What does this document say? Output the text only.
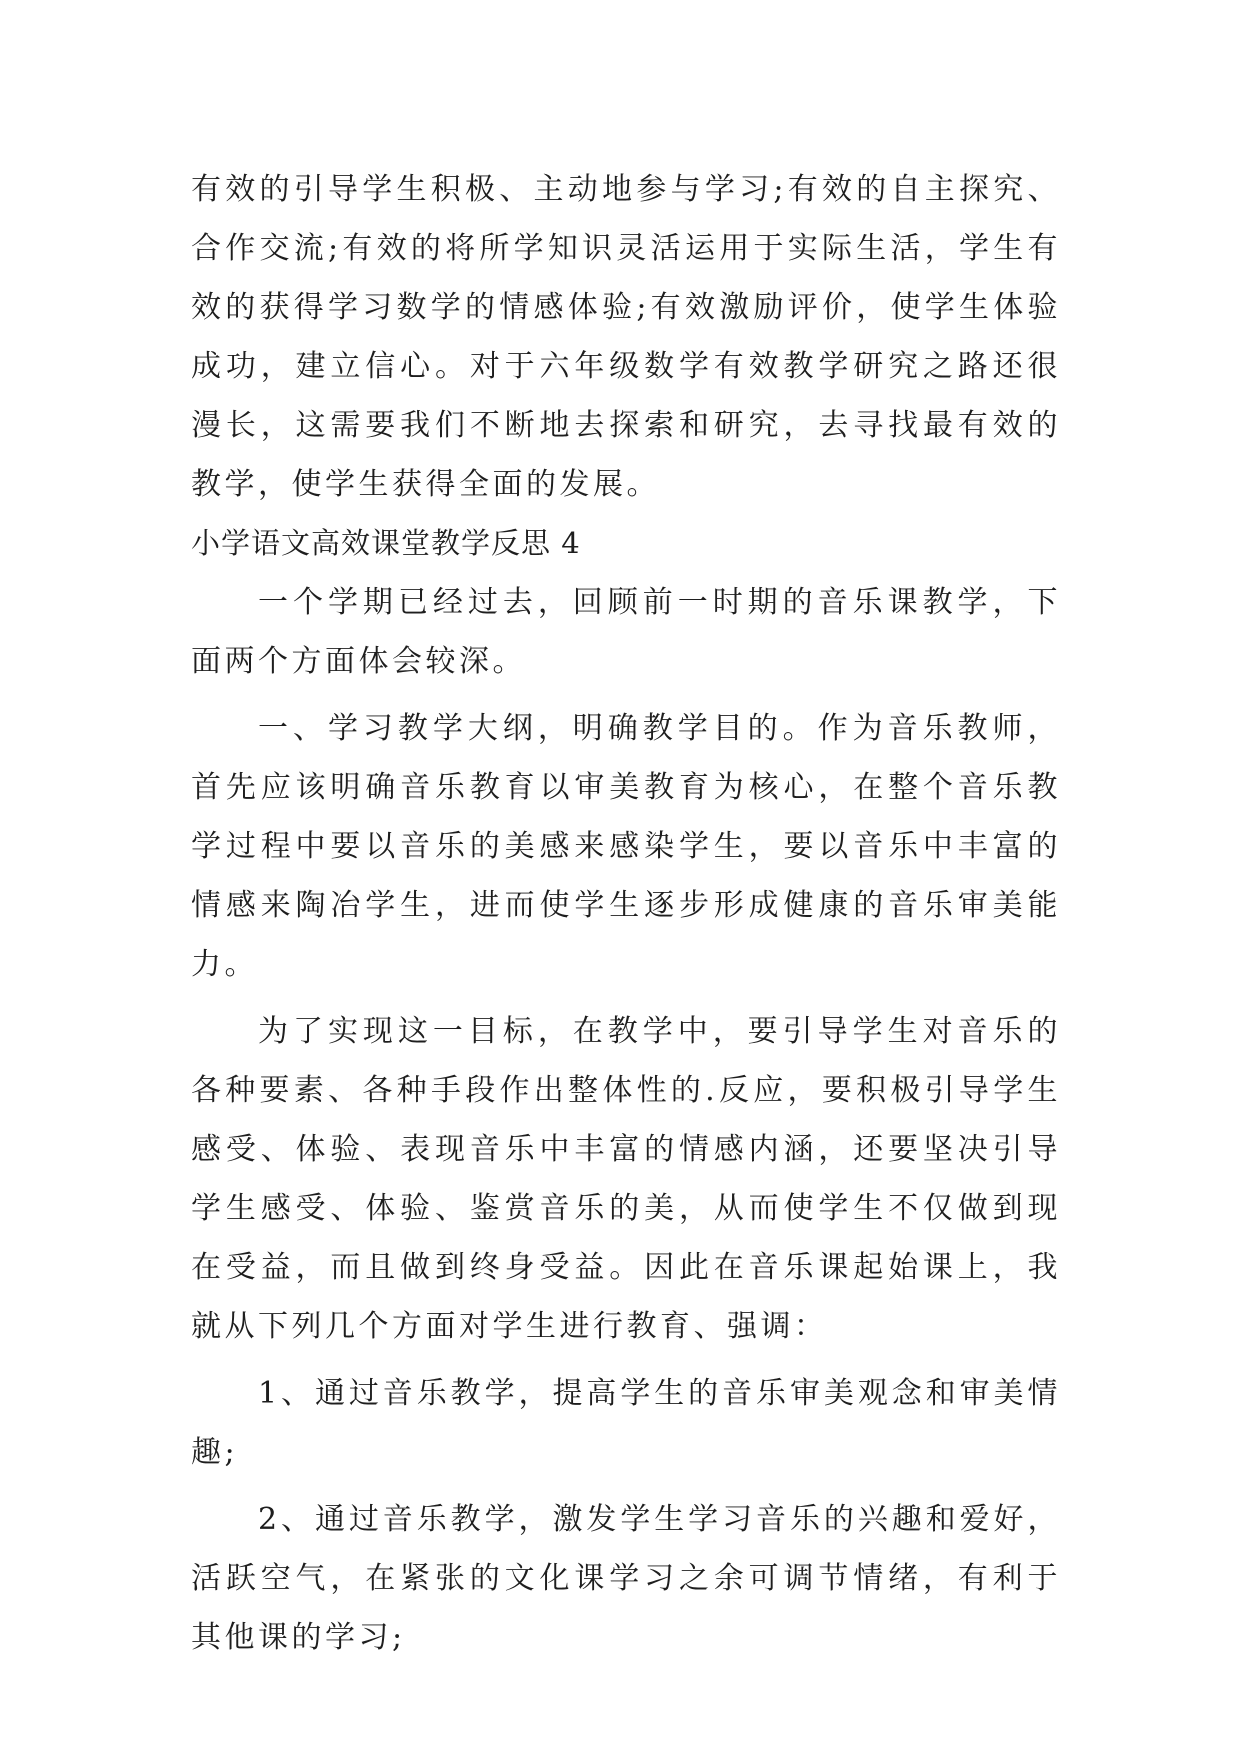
有效的引导学生积极、主动地参与学习;有效的自主探究、合作交流;有效的将所学知识灵活运用于实际生活，学生有效的获得学习数学的情感体验;有效激励评价，使学生体验成功，建立信心。对于六年级数学有效教学研究之路还很漫长，这需要我们不断地去探索和研究，去寻找最有效的教学，使学生获得全面的发展。

小学语文高效课堂教学反思 4

一个学期已经过去，回顾前一时期的音乐课教学，下面两个方面体会较深。

一、学习教学大纲，明确教学目的。作为音乐教师，首先应该明确音乐教育以审美教育为核心，在整个音乐教学过程中要以音乐的美感来感染学生，要以音乐中丰富的情感来陶冶学生，进而使学生逐步形成健康的音乐审美能力。

为了实现这一目标，在教学中，要引导学生对音乐的各种要素、各种手段作出整体性的.反应，要积极引导学生感受、体验、表现音乐中丰富的情感内涵，还要坚决引导学生感受、体验、鉴赏音乐的美，从而使学生不仅做到现在受益，而且做到终身受益。因此在音乐课起始课上，我就从下列几个方面对学生进行教育、强调：

1、通过音乐教学，提高学生的音乐审美观念和审美情趣;

2、通过音乐教学，激发学生学习音乐的兴趣和爱好，活跃空气，在紧张的文化课学习之余可调节情绪，有利于其他课的学习;
